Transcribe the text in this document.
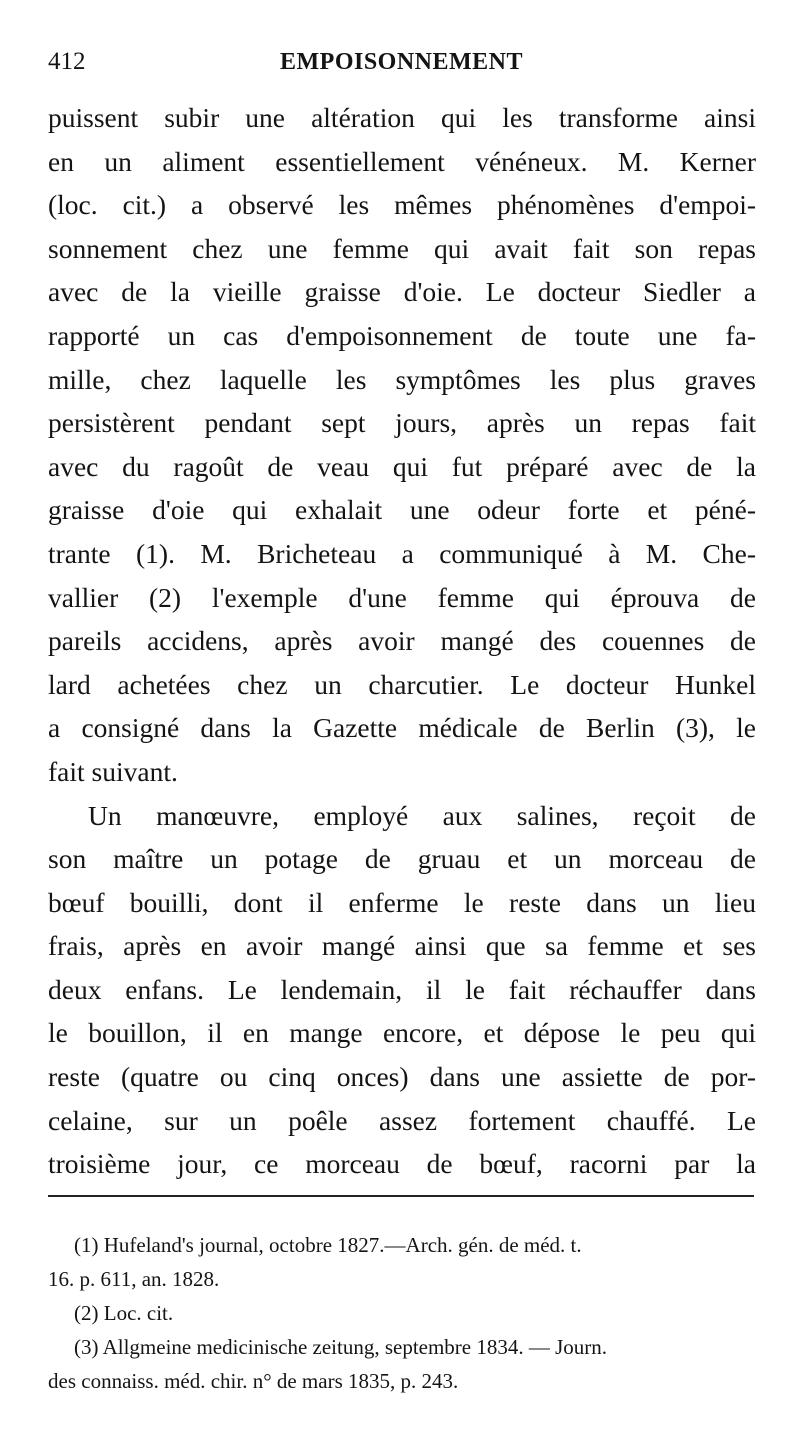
412	EMPOISONNEMENT
puissent subir une altération qui les transforme ainsi
en un aliment essentiellement vénéneux. M. Kerner
(loc. cit.) a observé les mêmes phénomènes d'empoi-
sonnement chez une femme qui avait fait son repas
avec de la vieille graisse d'oie. Le docteur Siedler a
rapporté un cas d'empoisonnement de toute une fa-
mille, chez laquelle les symptômes les plus graves
persistèrent pendant sept jours, après un repas fait
avec du ragoût de veau qui fut préparé avec de la
graisse d'oie qui exhalait une odeur forte et péné-
trante (1). M. Bricheteau a communiqué à M. Che-
vallier (2) l'exemple d'une femme qui éprouva de
pareils accidens, après avoir mangé des couennes de
lard achetées chez un charcutier. Le docteur Hunkel
a consigné dans la Gazette médicale de Berlin (3), le
fait suivant.
Un manœuvre, employé aux salines, reçoit de
son maître un potage de gruau et un morceau de
bœuf bouilli, dont il enferme le reste dans un lieu
frais, après en avoir mangé ainsi que sa femme et ses
deux enfans. Le lendemain, il le fait réchauffer dans
le bouillon, il en mange encore, et dépose le peu qui
reste (quatre ou cinq onces) dans une assiette de por-
celaine, sur un poêle assez fortement chauffé. Le
troisième jour, ce morceau de bœuf, racorni par la
(1) Hufeland's journal, octobre 1827.—Arch. gén. de méd. t.
16. p. 611, an. 1828.
(2) Loc. cit.
(3) Allgmeine medicinische zeitung, septembre 1834. — Journ.
des connaiss. méd. chir. n° de mars 1835, p. 243.
